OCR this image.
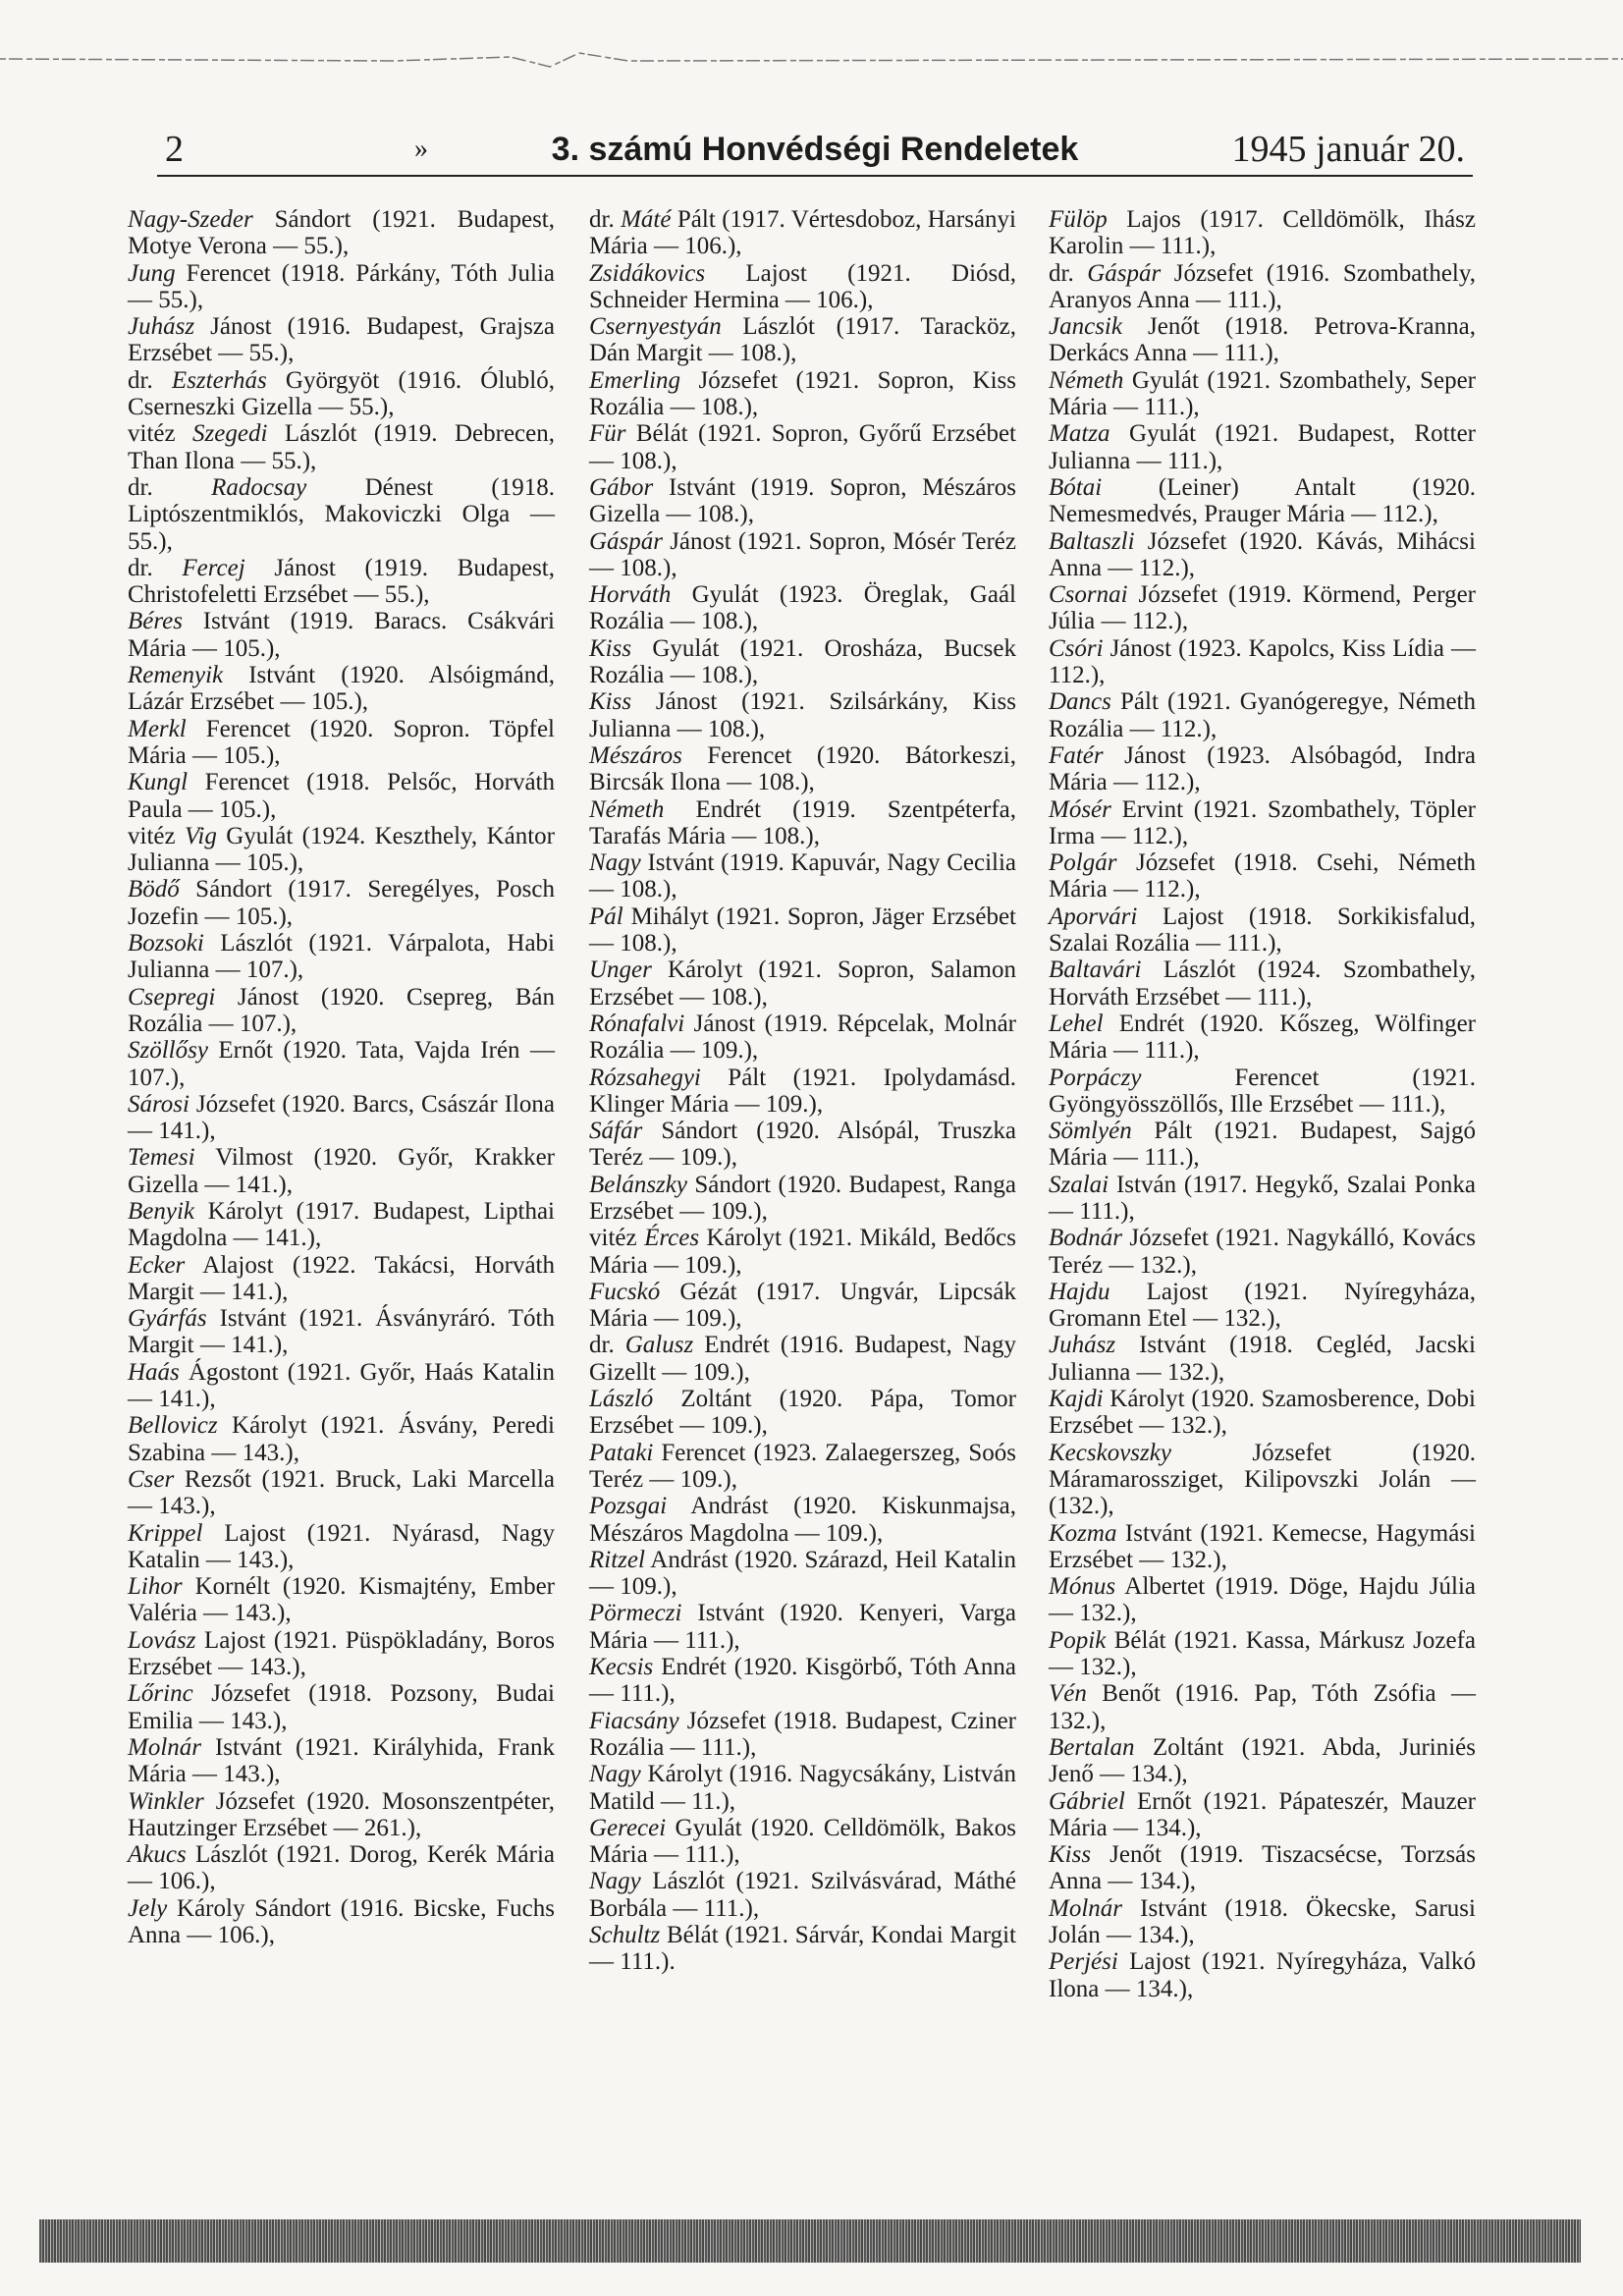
2	»	3. számú Honvédségi Rendeletek	1945 január 20.
Nagy-Szeder Sándort (1921. Budapest, Motye Verona — 55.),
Jung Ferencet (1918. Párkány, Tóth Julia — 55.),
Juhász Jánost (1916. Budapest, Grajsza Erzsébet — 55.),
dr. Eszterhás Györgyöt (1916. Ólubló, Cserneszki Gizella — 55.),
vitéz Szegedi Lászlót (1919. Debrecen, Than Ilona — 55.),
dr. Radocsay Dénest (1918. Liptószentmiklós, Makoviczki Olga — 55.),
dr. Fercej Jánost (1919. Budapest, Christofeletti Erzsébet — 55.),
Béres Istvánt (1919. Baracs. Csákvári Mária — 105.),
Remenyik Istvánt (1920. Alsóigmánd, Lázár Erzsébet — 105.),
Merkl Ferencet (1920. Sopron. Töpfel Mária — 105.),
Kungl Ferencet (1918. Pelsőc, Horváth Paula — 105.),
vitéz Vig Gyulát (1924. Keszthely, Kántor Julianna — 105.),
Bödő Sándort (1917. Seregélyes, Posch Jozefin — 105.),
Bozsoki Lászlót (1921. Várpalota, Habi Julianna — 107.),
Csepregi Jánost (1920. Csepreg, Bán Rozália — 107.),
Szöllősy Ernőt (1920. Tata, Vajda Irén — 107.),
Sárosi Józsefet (1920. Barcs, Császár Ilona — 141.),
Temesi Vilmost (1920. Győr, Krakker Gizella — 141.),
Benyik Károlyt (1917. Budapest, Lipthai Magdolna — 141.),
Ecker Alajost (1922. Takácsi, Horváth Margit — 141.),
Gyárfás Istvánt (1921. Ásványráró. Tóth Margit — 141.),
Haás Ágostont (1921. Győr, Haás Katalin — 141.),
Bellovicz Károlyt (1921. Ásvány, Peredi Szabina — 143.),
Cser Rezsőt (1921. Bruck, Laki Marcella — 143.),
Krippel Lajost (1921. Nyárasd, Nagy Katalin — 143.),
Lihor Kornélt (1920. Kismajtény, Ember Valéria — 143.),
Lovász Lajost (1921. Püspökladány, Boros Erzsébet — 143.),
Lőrinc Józsefet (1918. Pozsony, Budai Emilia — 143.),
Molnár Istvánt (1921. Királyhida, Frank Mária — 143.),
Winkler Józsefet (1920. Mosonszentpéter, Hautzinger Erzsébet — 261.),
Akucs Lászlót (1921. Dorog, Kerék Mária — 106.),
Jely Károly Sándort (1916. Bicske, Fuchs Anna — 106.),
dr. Máté Pált (1917. Vértesdoboz, Harsányi Mária — 106.),
Zsidákovics Lajost (1921. Diósd, Schneider Hermina — 106.),
Csernyestyán Lászlót (1917. Taracköz, Dán Margit — 108.),
Emerling Józsefet (1921. Sopron, Kiss Rozália — 108.),
Für Bélát (1921. Sopron, Győrű Erzsébet — 108.),
Gábor Istvánt (1919. Sopron, Mészáros Gizella — 108.),
Gáspár Jánost (1921. Sopron, Mósér Teréz — 108.),
Horváth Gyulát (1923. Öreglak, Gaál Rozália — 108.),
Kiss Gyulát (1921. Orosháza, Bucsek Rozália — 108.),
Kiss Jánost (1921. Szilsárkány, Kiss Julianna — 108.),
Mészáros Ferencet (1920. Bátorkeszi, Bircsák Ilona — 108.),
Németh Endrét (1919. Szentpéterfa, Tarafás Mária — 108.),
Nagy Istvánt (1919. Kapuvár, Nagy Cecilia — 108.),
Pál Mihályt (1921. Sopron, Jäger Erzsébet — 108.),
Unger Károlyt (1921. Sopron, Salamon Erzsébet — 108.),
Rónafalvi Jánost (1919. Répcelak, Molnár Rozália — 109.),
Rózsahegyi Pált (1921. Ipolydamásd. Klinger Mária — 109.),
Sáfár Sándort (1920. Alsópál, Truszka Teréz — 109.),
Belánszky Sándort (1920. Budapest, Ranga Erzsébet — 109.),
vitéz Érces Károlyt (1921. Mikáld, Bedőcs Mária — 109.),
Fucskó Gézát (1917. Ungvár, Lipcsák Mária — 109.),
dr. Galusz Endrét (1916. Budapest, Nagy Gizellt — 109.),
László Zoltánt (1920. Pápa, Tomor Erzsébet — 109.),
Pataki Ferencet (1923. Zalaegerszeg, Soós Teréz — 109.),
Pozsgai Andrást (1920. Kiskunmajsa, Mészáros Magdolna — 109.),
Ritzel Andrást (1920. Szárazd, Heil Katalin — 109.),
Pörmeczi Istvánt (1920. Kenyeri, Varga Mária — 111.),
Kecsis Endrét (1920. Kisgörbő, Tóth Anna — 111.),
Fiacsány Józsefet (1918. Budapest, Cziner Rozália — 111.),
Nagy Károlyt (1916. Nagycsákány, Listván Matild — 11.),
Gerecei Gyulát (1920. Celldömölk, Bakos Mária — 111.),
Nagy Lászlót (1921. Szilvásvárad, Máthé Borbála — 111.),
Schultz Bélát (1921. Sárvár, Kondai Margit — 111.).
Fülöp Lajos (1917. Celldömölk, Ihász Karolin — 111.),
dr. Gáspár Józsefet (1916. Szombathely, Aranyos Anna — 111.),
Jancsik Jenőt (1918. Petrova-Kranna, Derkács Anna — 111.),
Németh Gyulát (1921. Szombathely, Seper Mária — 111.),
Matza Gyulát (1921. Budapest, Rotter Julianna — 111.),
Bótai (Leiner) Antalt (1920. Nemesmedvés, Prauger Mária — 112.),
Baltaszli Józsefet (1920. Kávás, Mihácsi Anna — 112.),
Csornai Józsefet (1919. Körmend, Perger Júlia — 112.),
Csóri Jánost (1923. Kapolcs, Kiss Lídia — 112.),
Dancs Pált (1921. Gyanógeregye, Németh Rozália — 112.),
Fatér Jánost (1923. Alsóbagód, Indra Mária — 112.),
Mósér Ervint (1921. Szombathely, Töpler Irma — 112.),
Polgár Józsefet (1918. Csehi, Németh Mária — 112.),
Aporvári Lajost (1918. Sorkikisfalud, Szalai Rozália — 111.),
Baltavári Lászlót (1924. Szombathely, Horváth Erzsébet — 111.),
Lehel Endrét (1920. Kőszeg, Wölfinger Mária — 111.),
Porpáczy Ferencet (1921. Gyöngyösszöllős, Ille Erzsébet — 111.),
Sömlyén Pált (1921. Budapest, Sajgó Mária — 111.),
Szalai István (1917. Hegykő, Szalai Ponka — 111.),
Bodnár Józsefet (1921. Nagykálló, Kovács Teréz — 132.),
Hajdu Lajost (1921. Nyíregyháza, Gromann Etel — 132.),
Juhász Istvánt (1918. Cegléd, Jacski Julianna — 132.),
Kajdi Károlyt (1920. Szamosberence, Dobi Erzsébet — 132.),
Kecskovszky Józsefet (1920. Máramarossziget, Kilipovszki Jolán — (132.),
Kozma Istvánt (1921. Kemecse, Hagymási Erzsébet — 132.),
Mónus Albertet (1919. Döge, Hajdu Júlia — 132.),
Popik Bélát (1921. Kassa, Márkusz Jozefa — 132.),
Vén Benőt (1916. Pap, Tóth Zsófia — 132.),
Bertalan Zoltánt (1921. Abda, Juriniés Jenő — 134.),
Gábriel Ernőt (1921. Pápateszér, Mauzer Mária — 134.),
Kiss Jenőt (1919. Tiszacsécse, Torzsás Anna — 134.),
Molnár Istvánt (1918. Ökecske, Sarusi Jolán — 134.),
Perjési Lajost (1921. Nyíregyháza, Valkó Ilona — 134.),
